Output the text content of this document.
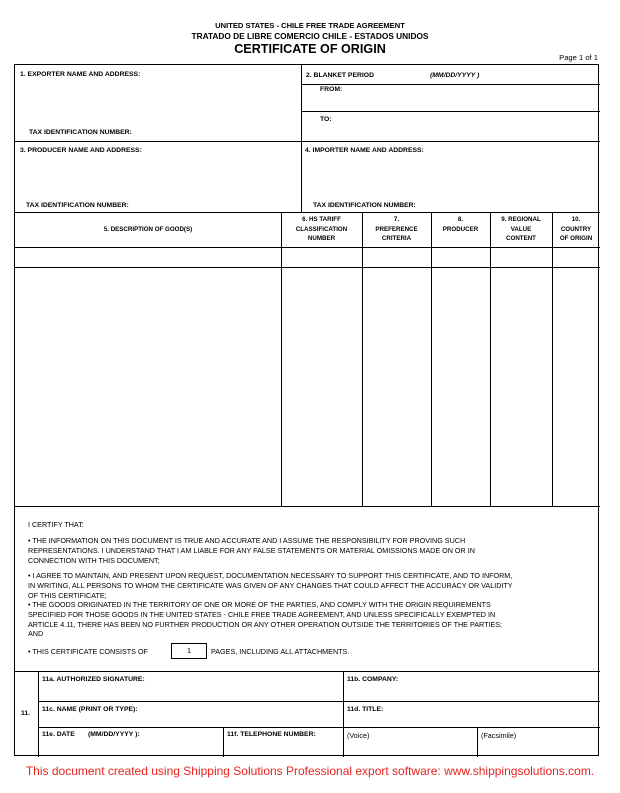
UNITED STATES - CHILE FREE TRADE AGREEMENT
TRATADO DE LIBRE COMERCIO CHILE - ESTADOS UNIDOS
CERTIFICATE OF ORIGIN
Page 1 of 1
1. EXPORTER NAME AND ADDRESS:
TAX IDENTIFICATION NUMBER:
2. BLANKET PERIOD	(MM/DD/YYYY )
FROM:
TO:
3. PRODUCER NAME AND ADDRESS:
TAX IDENTIFICATION NUMBER:
4. IMPORTER NAME AND ADDRESS:
TAX IDENTIFICATION NUMBER:
5. DESCRIPTION OF GOOD(S)
6. HS TARIFF
CLASSIFICATION
NUMBER
7.
PREFERENCE
CRITERIA
8.
PRODUCER
9. REGIONAL
VALUE
CONTENT
10.
COUNTRY
OF ORIGIN
I CERTIFY THAT:
• THE INFORMATION ON THIS DOCUMENT IS TRUE AND ACCURATE AND I ASSUME THE RESPONSIBILITY FOR PROVING SUCH
REPRESENTATIONS. I UNDERSTAND THAT I AM LIABLE FOR ANY FALSE STATEMENTS OR MATERIAL OMISSIONS MADE ON OR IN
CONNECTION WITH THIS DOCUMENT;
• I AGREE TO MAINTAIN, AND PRESENT UPON REQUEST, DOCUMENTATION NECESSARY TO SUPPORT THIS CERTIFICATE, AND TO INFORM,
IN WRITING, ALL PERSONS TO WHOM THE CERTIFICATE WAS GIVEN OF ANY CHANGES THAT COULD AFFECT THE ACCURACY OR VALIDITY
OF THIS CERTIFICATE;
• THE GOODS ORIGINATED IN THE TERRITORY OF ONE OR MORE OF THE PARTIES, AND COMPLY WITH THE ORIGIN REQUIREMENTS
SPECIFIED FOR THOSE GOODS IN THE UNITED STATES - CHILE FREE TRADE AGREEMENT, AND UNLESS SPECIFICALLY EXEMPTED IN
ARTICLE 4.11, THERE HAS BEEN NO FURTHER PRODUCTION OR ANY OTHER OPERATION OUTSIDE THE TERRITORIES OF THE PARTIES;
AND
• THIS CERTIFICATE CONSISTS OF	1	PAGES, INCLUDING ALL ATTACHMENTS.
11.
11a. AUTHORIZED SIGNATURE:	11b. COMPANY:
11c. NAME (PRINT OR TYPE):	11d. TITLE:
11e. DATE (MM/DD/YYYY ):	11f. TELEPHONE NUMBER:	(Voice)	(Facsimile)
This document created using Shipping Solutions Professional export software: www.shippingsolutions.com.
